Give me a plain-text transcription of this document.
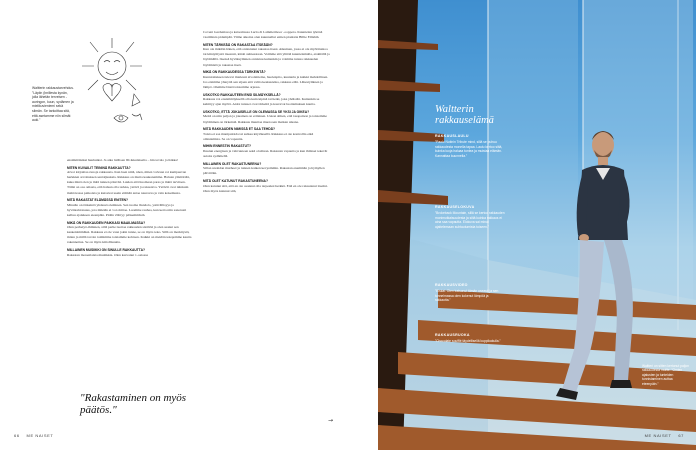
Waltterin rakkaustarvehdus. "Läpiin (bnillesta kynän, jolla lähetän terveisen - auringon, kuun, sydämen ja mielikuvieniemi sekä silmän. Se tarkoittaa sitä, että asetamme niin silmät auki."

ensimmäisiksi huuhuiksi. Ja aika laillisen 90-lukulaiselta – hin tevalo ja Kikka!

MITEN KUVAILIT TEININÄ RAKKAUTTA?

Aivot kirjoittaa runoja rakkausta. Kun luen niitä, näen, miten valvaan roi kumpuavan herkkien arvoituksen sentaljuuksia. Rakkaus on mutta kaukanamme. Haluan ymmärtää, kuka minä olen ja mitä tunnen pätevää. Luulen että huomaan paras ja minä tarvitsen. Tämä on osa omasta, että haluan olla tarkka, ystävä ja rakastava. Ystävät ovat niinkuin mahtavassa paikoista ja kutsuvat usein elämää antaa nauravaa ja vain kokemusta.

MITÄ RAKASTAT ELÄMÄSSÄ ENITEN?

Minulle on tärkeintä yhdessä oleminen. Sen tuoma läsnäolo, ystävällisyys ja hyväntahtoisuus, jota mikään ei voi ohittaa. Luomme rauhaa, kun kerta niin sanotusti kelluu ajatuksen eteenpäin. Pidän vilittyy pääsemmästä.

MIKÄ ON RAKKAUDEN PAIKKASI MAAILMASSA?

Olen perhetyö-ihminen, sillä perhe tuottaa rakkauden sisältöä ja olen saanut sen keskeisimmäksi. Rakkaus ei ole vaan jokin tunne, se on myös teko. Sillä on merkitystä, miten ja millä tavoin toimimme toisiamme kohtaan. Kaikki on meidän tekojemme kautta rakennettua. Se on myös kiitollisuutta.

MILLAINEN MUSIIKKI ON SINULLE RAKKAUTTA?

Rakastan monenlaista musiikkia. Olen kasvanut 1-osiossa

Covent Gardenissa ja katsomassa Lucia di Lammermoor -ooppera. Kuuntelen tykönä vaatimista pidempää. Viime aikoina olen kuunnellut eniten pianistia Billie Eilishiä.

MITEN TÄRKEÄÄ ON RAKASTAA ITSEÄÄN?

Kun ole mikään hänen, että onnistunut rakastaa itsesi. Aikuinen, jossa ei ole myötätuntoa tai kiintymystä itseensä, kärsii suhteestaan. Voimme sitä ylittää kuuntelemalla, etsimällä ja löytämällä. Itsensä hyväksyminen onnistuu kuitenkin ja voimme tuntea rakkauden löytämistä ja rakastaa itseä.

MIKÄ ON RAKKAUDESSA TÄRKEINTÄ?

Kunnioituksen tulevat mielessä aivolaitteina, huolenpito, kuuntelu ja kaikki mahdollinen. Jos etsimme yhteyttä sen sijaan että valita keskustelua, rakkaus elää. Lähestyminen ja lämpö. Olemme läsnä toistemme arjessa.

USKOTKO RAKKAUTEEN ENSI SILMÄYKSELLÄ?

Rakkaus voi ensisilmäyksellä olla kuin kipinä tai hetki, joka yhdistää. Kuitenkin se kehittyy ajan myötä. Aidot tunteet ovat tärkeitä ja kasvavat luottamuksen kautta.

USKOTKO, ETTÄ JOKAISELLE ON OLEMASSA SE YKSI JA OIKEA?

Meitä on niin paljon ja jokainen on erilainen. Uskon siihen, että tasapainon ja toistemme löytäminen on tärkeintä. Rakkaus muuttaa muotoaan matkan aikana.

MITÄ RAKKAUDEN NIMISSÄ ET SAA TEHDÄ?

Toista ei saa manipuloida tai sulkea käytöksellä. Rakkaus ei ole kontrollia eikä omistamista. Se on vapautta.

MIHIN ENNESTIN RAKASTUT?

Ihastun energiaan ja vahvuuteen sekä olotilaan. Rakastan vapautta ja kun ihmiset tekevät asioita sydämellä.

MILLAINEN OLET RAKASTUNEENA?

Sillon unohdan murheet ja tunnen kaiken kevyemmin. Rakastan enemmän ja hymyilen päivittäin.

MITÄ OLET KATUNUT RAKASTUNEENA?

Olen katunut sitä, että en ole osannut olla tarpeeksi herkkä. Että en ole rakastanut itseäni. Olen myös katunut sitä,

"Rakastaminen on myös päätös."
66 ME NAISET
→
Waltterin rakkauselämä
RAKKAUSLAULU
"Paolo Nutinin Tribute mind, sillä se puhuu rakkaudesta monella tapaa. Laulu kertoo siitä, kuinka luoja haluaa tuntea ja muistaa elämän. Kannattaa kuunnella."
RAKKAUSELOKUVA
"Brokeback Mountain, sillä se kertoo rakkauden monimutkaisuudesta ja siitä kuinka rakkaus ei aina saa vapautta. Elokuva sai minut ajattelemaan suhtautumista toiseen."
RAKKAUSVIDEO
"Eiskai. Olen katsonut tämän useasti ja sen tunnelmassa olen kokenut lämpöä ja rakkautta."
RAKKAUSRUOKA
"Chocolate soufflé täydellisellä kuppikakulla."
Waltteri on sitten kertonut paljon rakkaudesta muille. "Omien ajatusten ja tunteiden tunnistaminen auttaa eteenpäin."
ME NAISET 67
